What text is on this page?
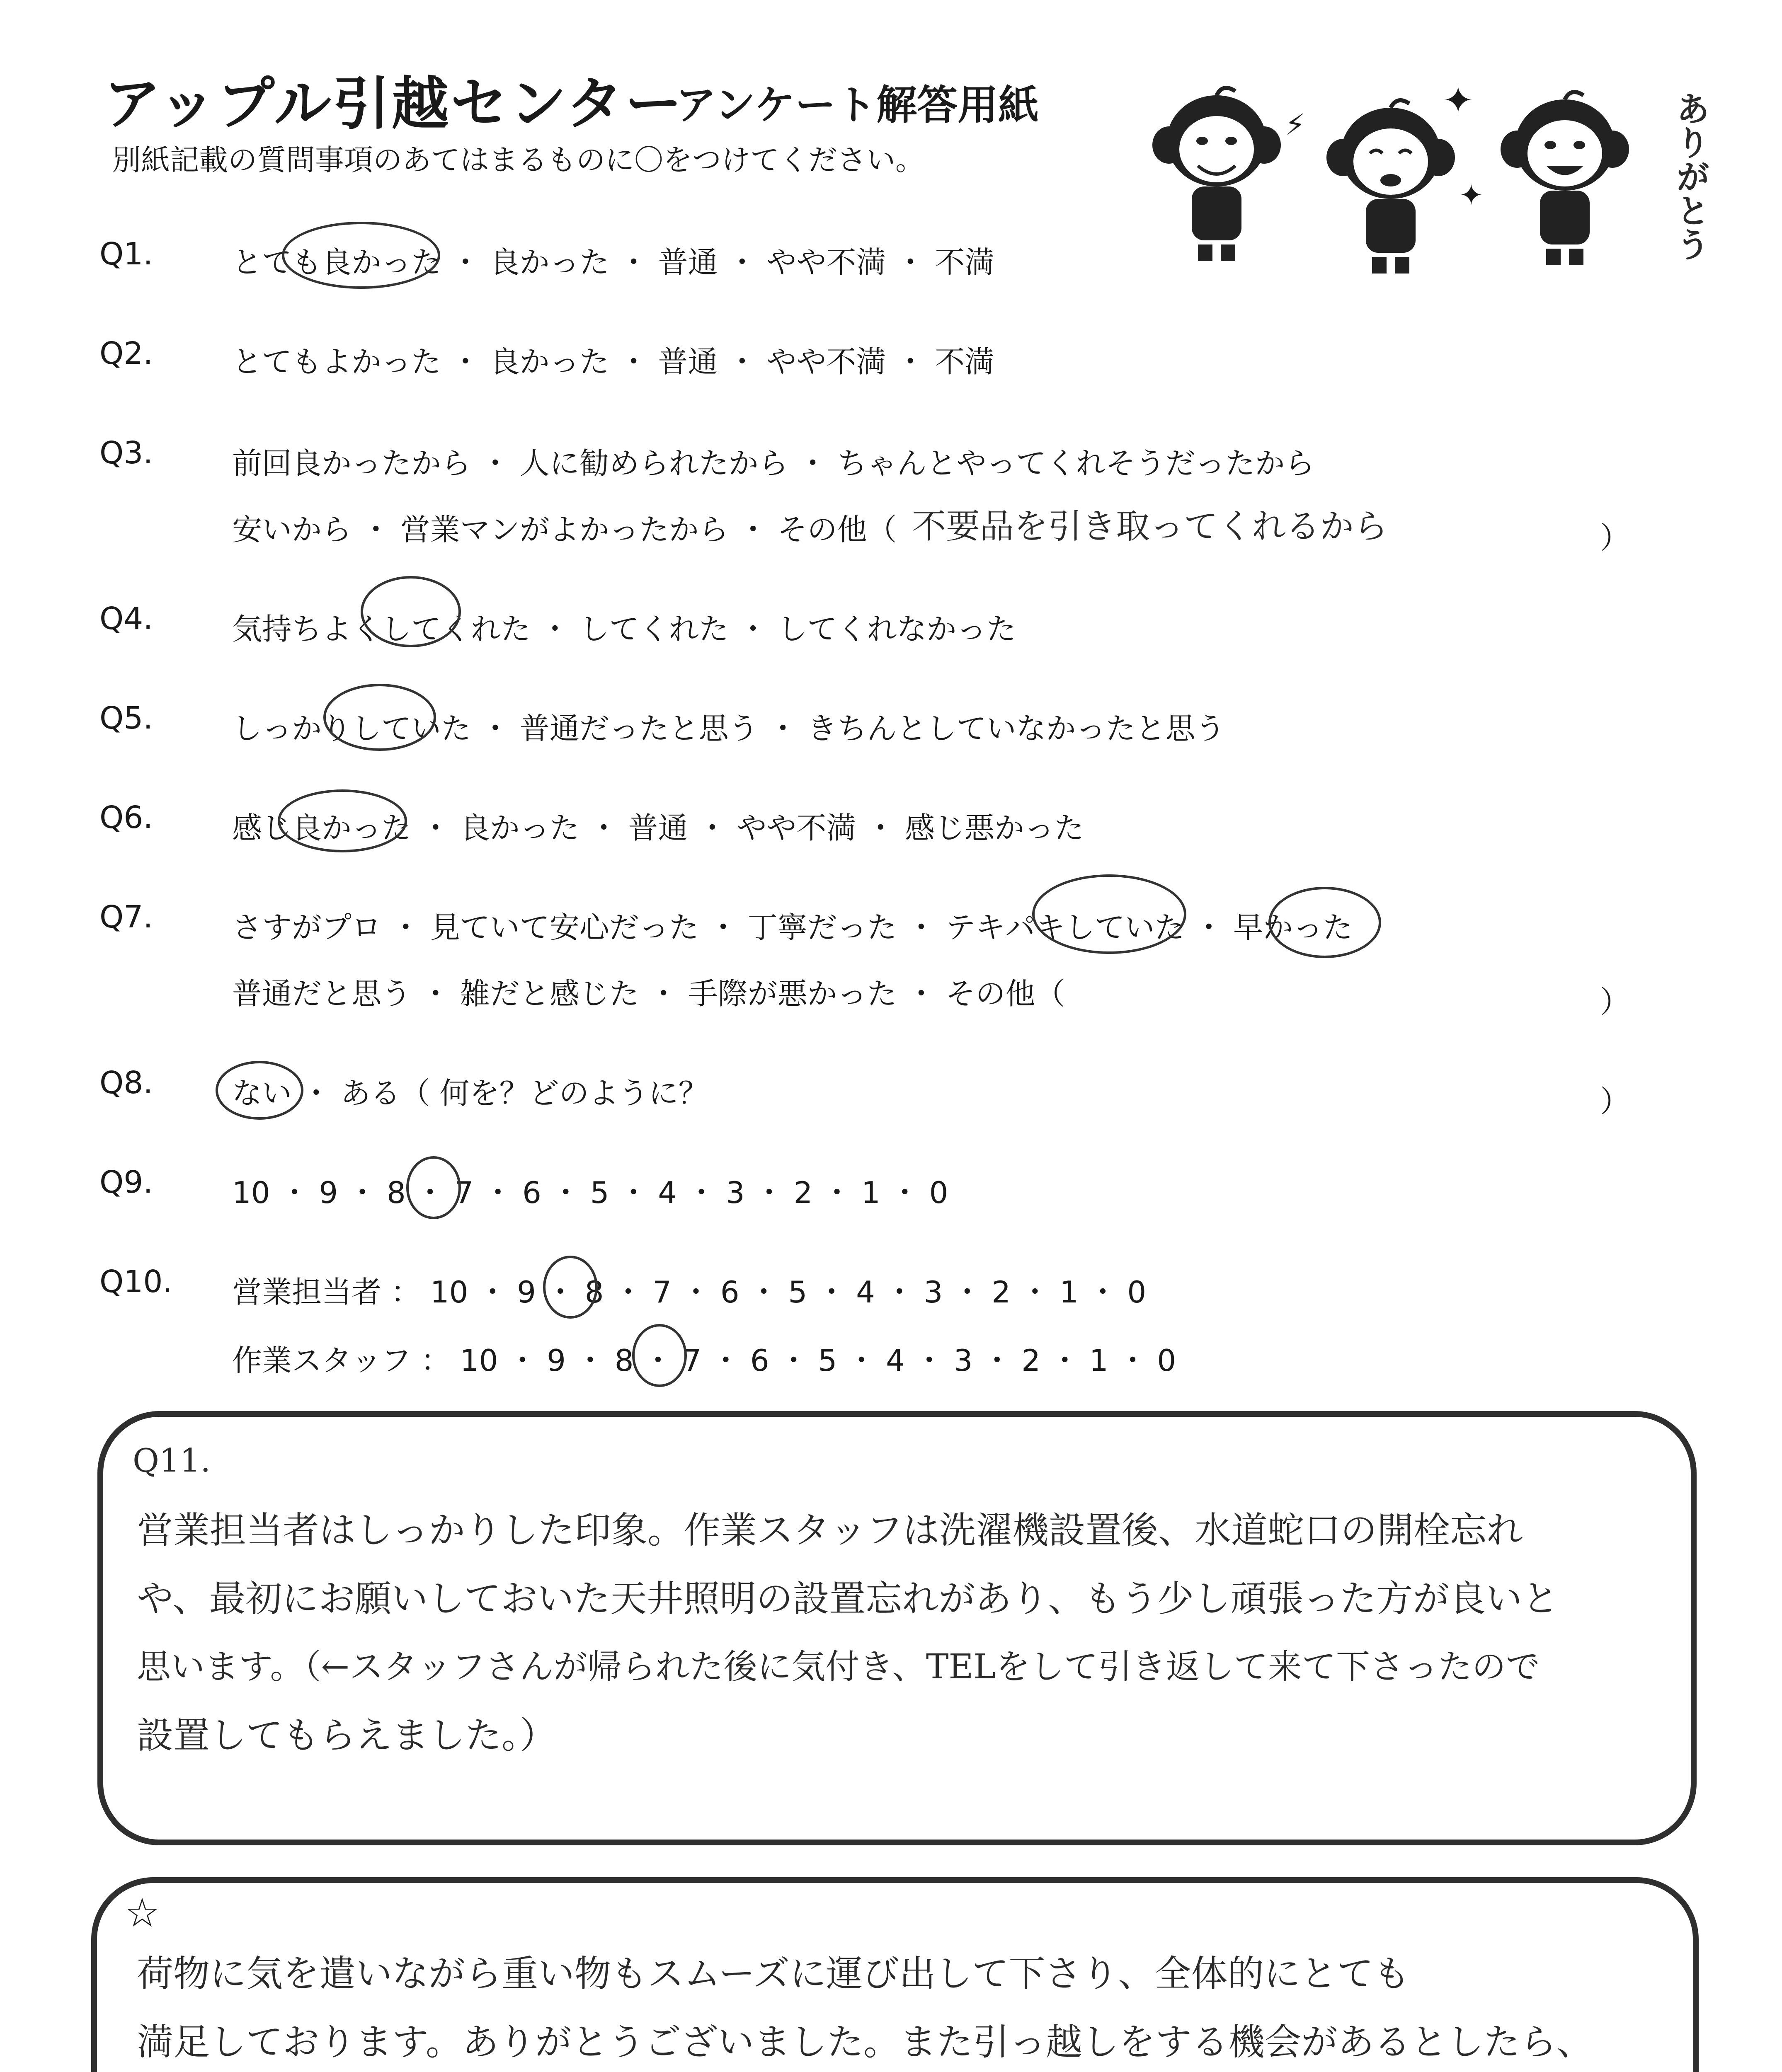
アップル引越センター
アンケート解答用紙
別紙記載の質問事項のあてはまるものに〇をつけてください。
✦
✦
⚡	ありがとう
Q1.	とても良かった ・ 良かった ・ 普通 ・ やや不満 ・ 不満
Q2.	とてもよかった ・ 良かった ・ 普通 ・ やや不満 ・ 不満
Q3.	前回良かったから ・ 人に勧められたから ・ ちゃんとやってくれそうだったから
安いから ・ 営業マンがよかったから ・ その他（ 不要品を引き取ってくれるから	）
Q4.	気持ちよくしてくれた ・ してくれた ・ してくれなかった
Q5.	しっかりしていた ・ 普通だったと思う ・ きちんとしていなかったと思う
Q6.	感じ良かった ・ 良かった ・ 普通 ・ やや不満 ・ 感じ悪かった
Q7.	さすがプロ ・ 見ていて安心だった ・ 丁寧だった ・ テキパキしていた ・ 早かった
普通だと思う ・ 雑だと感じた ・ 手際が悪かった ・ その他（	）
Q8.	ない ・ ある（ 何を？どのように？	）
Q9.	10 ・ 9 ・ 8 ・ 7 ・ 6 ・ 5 ・ 4 ・ 3 ・ 2 ・ 1 ・ 0
Q10. 営業担当者 ： 10 ・ 9 ・ 8 ・ 7 ・ 6 ・ 5 ・ 4 ・ 3 ・ 2 ・ 1 ・ 0
作業スタッフ ： 10 ・ 9 ・ 8 ・ 7 ・ 6 ・ 5 ・ 4 ・ 3 ・ 2 ・ 1 ・ 0
Q11.
営業担当者はしっかりした印象。作業スタッフは洗濯機設置後、水道蛇口の開栓忘れ
や、最初にお願いしておいた天井照明の設置忘れがあり、もう少し頑張った方が良いと
思います。（←スタッフさんが帰られた後に気付き、TELをして引き返して来て下さったので
設置してもらえました。）
☆
荷物に気を遣いながら重い物もスムーズに運び出して下さり、全体的にとても
満足しております。ありがとうございました。また引っ越しをする機会があるとしたら、
